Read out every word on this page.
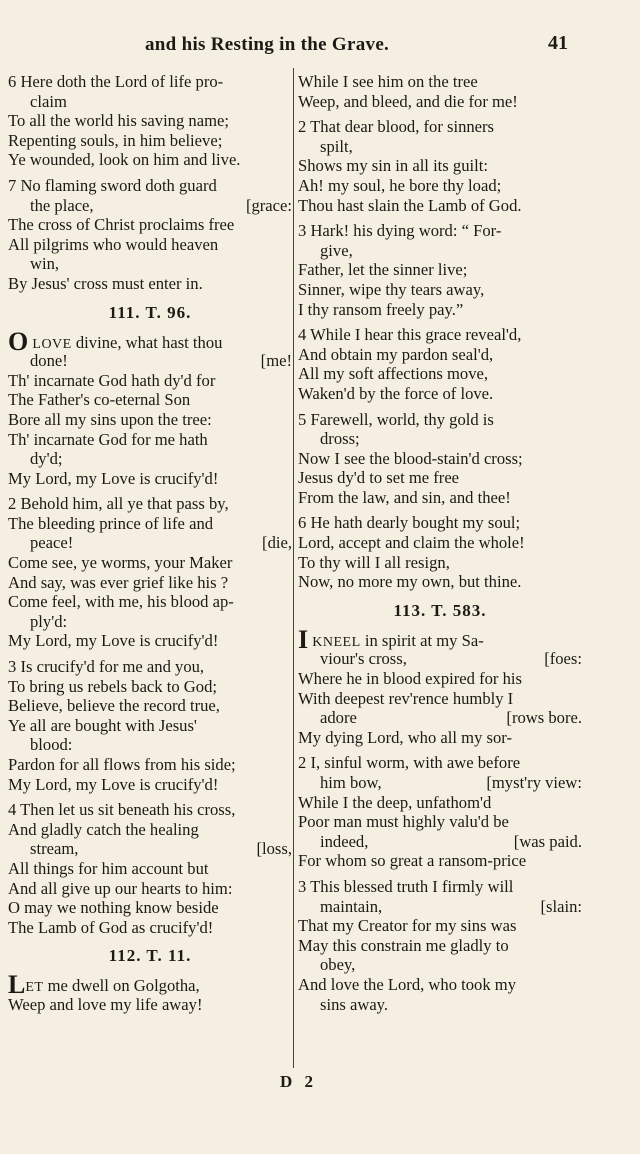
and his Resting in the Grave.	41
6 Here doth the Lord of life pro-
claim
To all the world his saving name;
Repenting souls, in him believe;
Ye wounded, look on him and live.
7 No flaming sword doth guard
the place,	[grace:
The cross of Christ proclaims free
All pilgrims who would heaven
win,
By Jesus' cross must enter in.
111. T. 96.
O LOVE divine, what hast thou
done!	[me!
Th' incarnate God hath dy'd for
The Father's co-eternal Son
Bore all my sins upon the tree:
Th' incarnate God for me hath
dy'd;
My Lord, my Love is crucify'd!
2 Behold him, all ye that pass by,
The bleeding prince of life and
peace!	[die,
Come see, ye worms, your Maker
And say, was ever grief like his ?
Come feel, with me, his blood ap-
ply'd:
My Lord, my Love is crucify'd!
3 Is crucify'd for me and you,
To bring us rebels back to God;
Believe, believe the record true,
Ye all are bought with Jesus'
blood:
Pardon for all flows from his side;
My Lord, my Love is crucify'd!
4 Then let us sit beneath his cross,
And gladly catch the healing
stream,	[loss,
All things for him account but
And all give up our hearts to him:
O may we nothing know beside
The Lamb of God as crucify'd!
112. T. 11.
LET me dwell on Golgotha,
Weep and love my life away!
While I see him on the tree
Weep, and bleed, and die for me!
2 That dear blood, for sinners
spilt,
Shows my sin in all its guilt:
Ah! my soul, he bore thy load;
Thou hast slain the Lamb of God.
3 Hark! his dying word: “ For-
give,
Father, let the sinner live;
Sinner, wipe thy tears away,
I thy ransom freely pay.”
4 While I hear this grace reveal'd,
And obtain my pardon seal'd,
All my soft affections move,
Waken'd by the force of love.
5 Farewell, world, thy gold is
dross;
Now I see the blood-stain'd cross;
Jesus dy'd to set me free
From the law, and sin, and thee!
6 He hath dearly bought my soul;
Lord, accept and claim the whole!
To thy will I all resign,
Now, no more my own, but thine.
113. T. 583.
I KNEEL in spirit at my Sa-
viour's cross,	[foes:
Where he in blood expired for his
With deepest rev'rence humbly I
adore	[rows bore.
My dying Lord, who all my sor-
2 I, sinful worm, with awe before
him bow,	[myst'ry view:
While I the deep, unfathom'd
Poor man must highly valu'd be
indeed,	[was paid.
For whom so great a ransom-price
3 This blessed truth I firmly will
maintain,	[slain:
That my Creator for my sins was
May this constrain me gladly to
obey,
And love the Lord, who took my
sins away.
D 2
